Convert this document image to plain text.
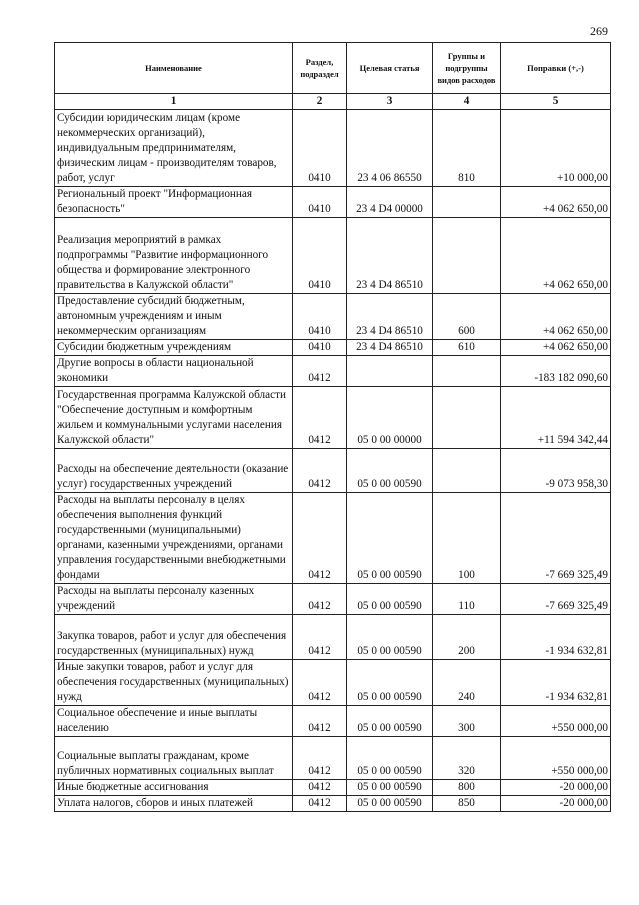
269
Наименование	Раздел, подраздел	Целевая статья	Группы и подгруппы видов расходов	Поправки (+,-)
1	2	3	4	5
Субсидии юридическим лицам (кроме некоммерческих организаций), индивидуальным предпринимателям, физическим лицам - производителям товаров, работ, услуг	0410	23 4 06 86550	810	+10 000,00
Региональный проект "Информационная безопасность"	0410	23 4 D4 00000		+4 062 650,00
Реализация мероприятий в рамках подпрограммы "Развитие информационного общества и формирование электронного правительства в Калужской области"	0410	23 4 D4 86510		+4 062 650,00
Предоставление субсидий бюджетным, автономным учреждениям и иным некоммерческим организациям	0410	23 4 D4 86510	600	+4 062 650,00
Субсидии бюджетным учреждениям	0410	23 4 D4 86510	610	+4 062 650,00
Другие вопросы в области национальной экономики	0412			-183 182 090,60
Государственная программа Калужской области "Обеспечение доступным и комфортным жильем и коммунальными услугами населения Калужской области"	0412	05 0 00 00000		+11 594 342,44
Расходы на обеспечение деятельности (оказание услуг) государственных учреждений	0412	05 0 00 00590		-9 073 958,30
Расходы на выплаты персоналу в целях обеспечения выполнения функций государственными (муниципальными) органами, казенными учреждениями, органами управления государственными внебюджетными фондами	0412	05 0 00 00590	100	-7 669 325,49
Расходы на выплаты персоналу казенных учреждений	0412	05 0 00 00590	110	-7 669 325,49
Закупка товаров, работ и услуг для обеспечения государственных (муниципальных) нужд	0412	05 0 00 00590	200	-1 934 632,81
Иные закупки товаров, работ и услуг для обеспечения государственных (муниципальных) нужд	0412	05 0 00 00590	240	-1 934 632,81
Социальное обеспечение и иные выплаты населению	0412	05 0 00 00590	300	+550 000,00
Социальные выплаты гражданам, кроме публичных нормативных социальных выплат	0412	05 0 00 00590	320	+550 000,00
Иные бюджетные ассигнования	0412	05 0 00 00590	800	-20 000,00
Уплата налогов, сборов и иных платежей	0412	05 0 00 00590	850	-20 000,00
